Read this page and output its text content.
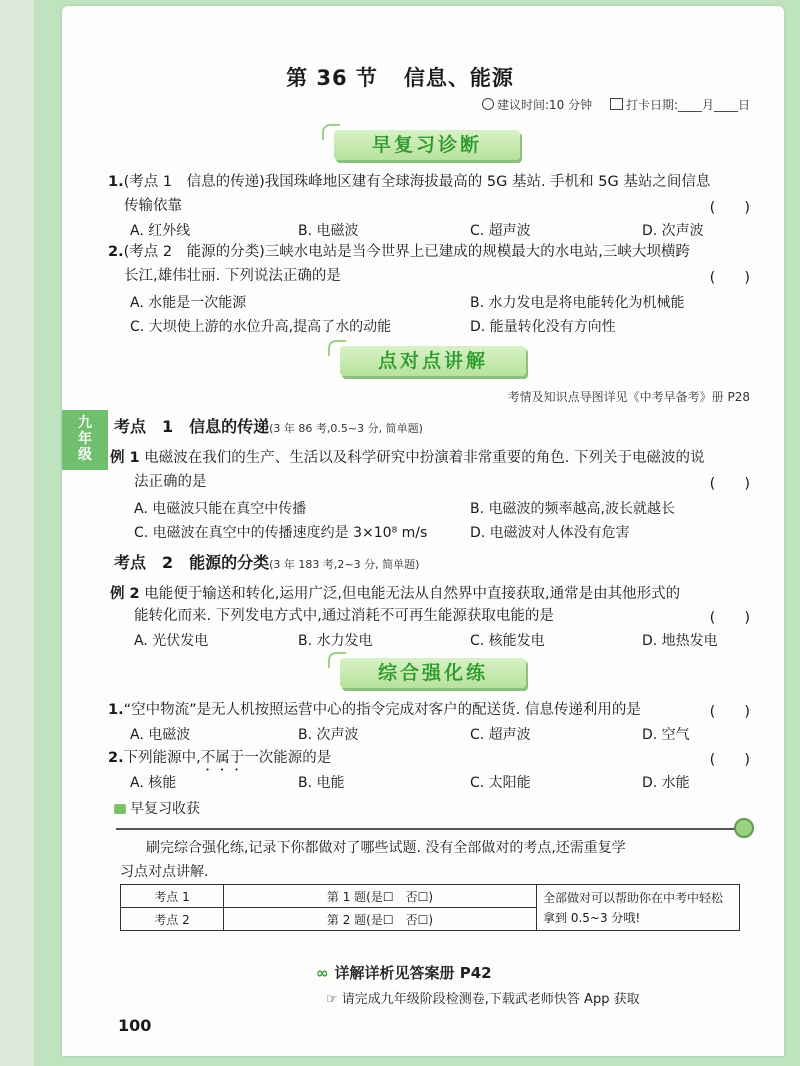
九年级
第 36 节 信息、能源
建议时间:10 分钟	打卡日期:____月____日
早复习诊断
1.(考点 1　信息的传递)我国珠峰地区建有全球海拔最高的 5G 基站. 手机和 5G 基站之间信息
传输依靠	(　　)
A. 红外线	B. 电磁波	C. 超声波	D. 次声波
2.(考点 2　能源的分类)三峡水电站是当今世界上已建成的规模最大的水电站,三峡大坝横跨
长江,雄伟壮丽. 下列说法正确的是	(　　)
A. 水能是一次能源	B. 水力发电是将电能转化为机械能
C. 大坝使上游的水位升高,提高了水的动能	D. 能量转化没有方向性
点对点讲解
考情及知识点导图详见《中考早备考》册 P28
考点　1　信息的传递(3 年 86 考,0.5~3 分, 简单题)
例 1 电磁波在我们的生产、生活以及科学研究中扮演着非常重要的角色. 下列关于电磁波的说
法正确的是	(　　)
A. 电磁波只能在真空中传播	B. 电磁波的频率越高,波长就越长
C. 电磁波在真空中的传播速度约是 3×10⁸ m/s	D. 电磁波对人体没有危害
考点　2　能源的分类(3 年 183 考,2~3 分, 简单题)
例 2 电能便于输送和转化,运用广泛,但电能无法从自然界中直接获取,通常是由其他形式的
能转化而来. 下列发电方式中,通过消耗不可再生能源获取电能的是	(　　)
A. 光伏发电	B. 水力发电	C. 核能发电	D. 地热发电
综合强化练
1.“空中物流”是无人机按照运营中心的指令完成对客户的配送货. 信息传递利用的是	(　　)
A. 电磁波	B. 次声波	C. 超声波	D. 空气
2.下列能源中,不属于一次能源的是	(　　)
A. 核能	B. 电能	C. 太阳能	D. 水能
早复习收获
刷完综合强化练,记录下你都做对了哪些试题. 没有全部做对的考点,还需重复学
习点对点讲解.
考点 1	第 1 题(是☐　否☐)	全部做对可以帮助你在中考中轻松拿到 0.5~3 分哦!
考点 2	第 2 题(是☐　否☐)	
∞ 详解详析见答案册 P42
☞ 请完成九年级阶段检测卷,下载武老师快答 App 获取
100
